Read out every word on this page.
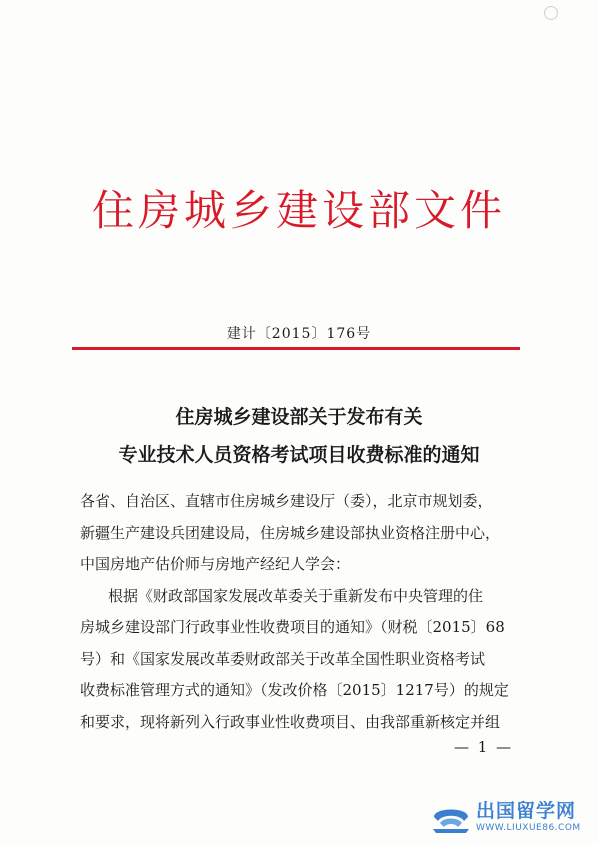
住房城乡建设部文件
建计〔2015〕176号
住房城乡建设部关于发布有关
专业技术人员资格考试项目收费标准的通知
各省、自治区、直辖市住房城乡建设厅（委），北京市规划委，
新疆生产建设兵团建设局，住房城乡建设部执业资格注册中心，
中国房地产估价师与房地产经纪人学会：
根据《财政部国家发展改革委关于重新发布中央管理的住
房城乡建设部门行政事业性收费项目的通知》（财税〔2015〕68
号）和《国家发展改革委财政部关于改革全国性职业资格考试
收费标准管理方式的通知》（发改价格〔2015〕1217号）的规定
和要求，现将新列入行政事业性收费项目、由我部重新核定并组
— 1 —
出国留学网
WWW.LIUXUE86.COM
